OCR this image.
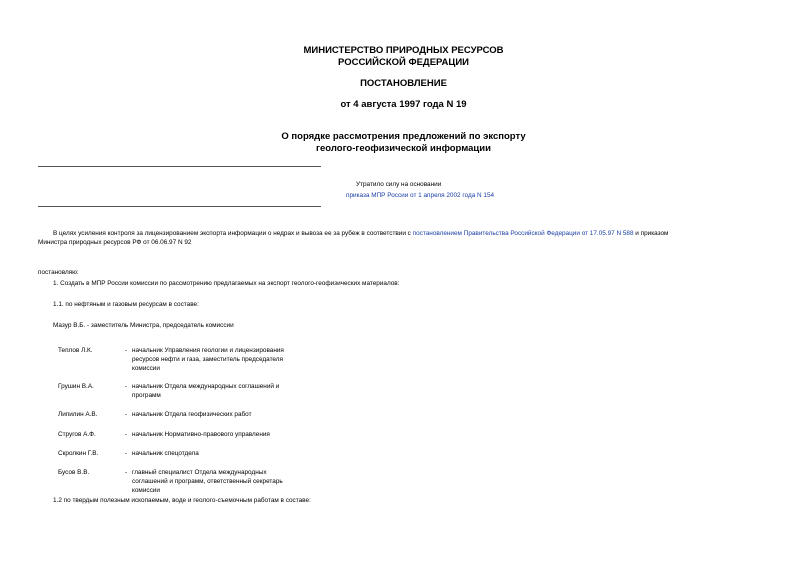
МИНИСТЕРСТВО ПРИРОДНЫХ РЕСУРСОВ
РОССИЙСКОЙ ФЕДЕРАЦИИ
ПОСТАНОВЛЕНИЕ
от 4 августа 1997 года N 19
О порядке рассмотрения предложений по экспорту
геолого-геофизической информации
Утратило силу на основании
приказа МПР России от 1 апреля 2002 года N 154
В целях усиления контроля за лицензированием экспорта информации о недрах и вывоза ее за рубеж в соответствии с постановлением Правительства Российской Федерации от 17.05.97 N 588 и приказом
Министра природных ресурсов РФ от 06.06.97 N 92
постановляю:
1. Создать в МПР России комиссии по рассмотрению предлагаемых на экспорт геолого-геофизических материалов:
1.1. по нефтяным и газовым ресурсам в составе:
Мазур В.Б. - заместитель Министра, председатель комиссии
Теплов Л.К.	- начальник Управления геологии и лицензирования
ресурсов нефти и газа, заместитель председателя
комиссии
Грушин В.А.	- начальник Отдела международных соглашений и
программ
Липилин А.В.	- начальник Отдела геофизических работ
Стругов А.Ф.	- начальник Нормативно-правового управления
Скролкин Г.В.	- начальник спецотдела
Бусов В.В.	- главный специалист Отдела международных
соглашений и программ, ответственный секретарь
комиссии
1.2 по твердым полезным ископаемым, воде и геолого-съемочным работам в составе:
